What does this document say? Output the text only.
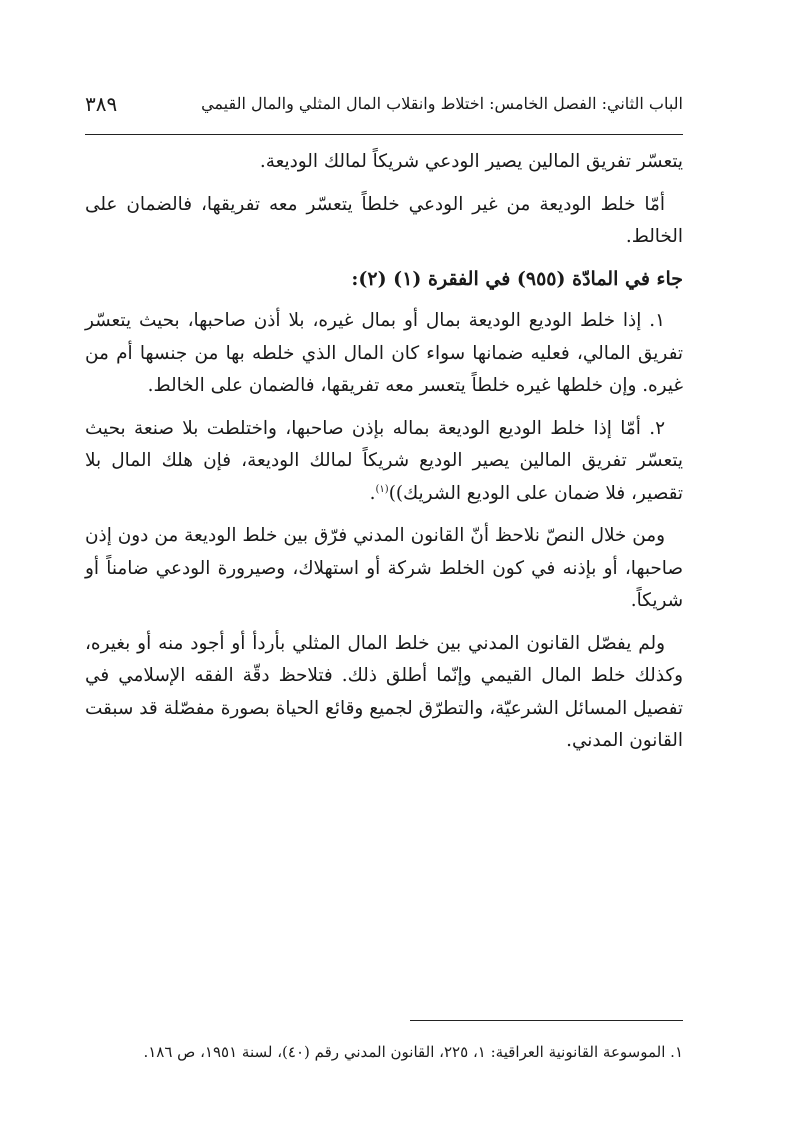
الباب الثاني: الفصل الخامس: اختلاط وانقلاب المال المثلي والمال القيمي
٣٨٩

يتعسّر تفريق المالين يصير الودعي شريكاً لمالك الوديعة.

أمّا خلط الوديعة من غير الودعي خلطاً يتعسّر معه تفريقها، فالضمان على الخالط.

جاء في المادّة (٩٥٥) في الفقرة (١) (٢):

١. إذا خلط الوديع الوديعة بمال أو بمال غيره، بلا أذن صاحبها، بحيث يتعسّر تفريق المالي، فعليه ضمانها سواء كان المال الذي خلطه بها من جنسها أم من غيره. وإن خلطها غيره خلطاً يتعسر معه تفريقها، فالضمان على الخالط.

٢. أمّا إذا خلط الوديع الوديعة بماله بإذن صاحبها، واختلطت بلا صنعة بحيث يتعسّر تفريق المالين يصير الوديع شريكاً لمالك الوديعة، فإن هلك المال بلا تقصير، فلا ضمان على الوديع الشريك))$^{(١)}$.

ومن خلال النصّ نلاحظ أنّ القانون المدني فرّق بين خلط الوديعة من دون إذن صاحبها، أو بإذنه في كون الخلط شركة أو استهلاك، وصيرورة الودعي ضامناً أو شريكاً.

ولم يفصّل القانون المدني بين خلط المال المثلي بأردأ أو أجود منه أو بغيره، وكذلك خلط المال القيمي وإنّما أطلق ذلك. فتلاحظ دقّة الفقه الإسلامي في تفصيل المسائل الشرعيّة، والتطرّق لجميع وقائع الحياة بصورة مفصّلة قد سبقت القانون المدني.

١. الموسوعة القانونية العراقية: ١، ٢٢٥، القانون المدني رقم (٤٠)، لسنة ١٩٥١، ص ١٨٦.
